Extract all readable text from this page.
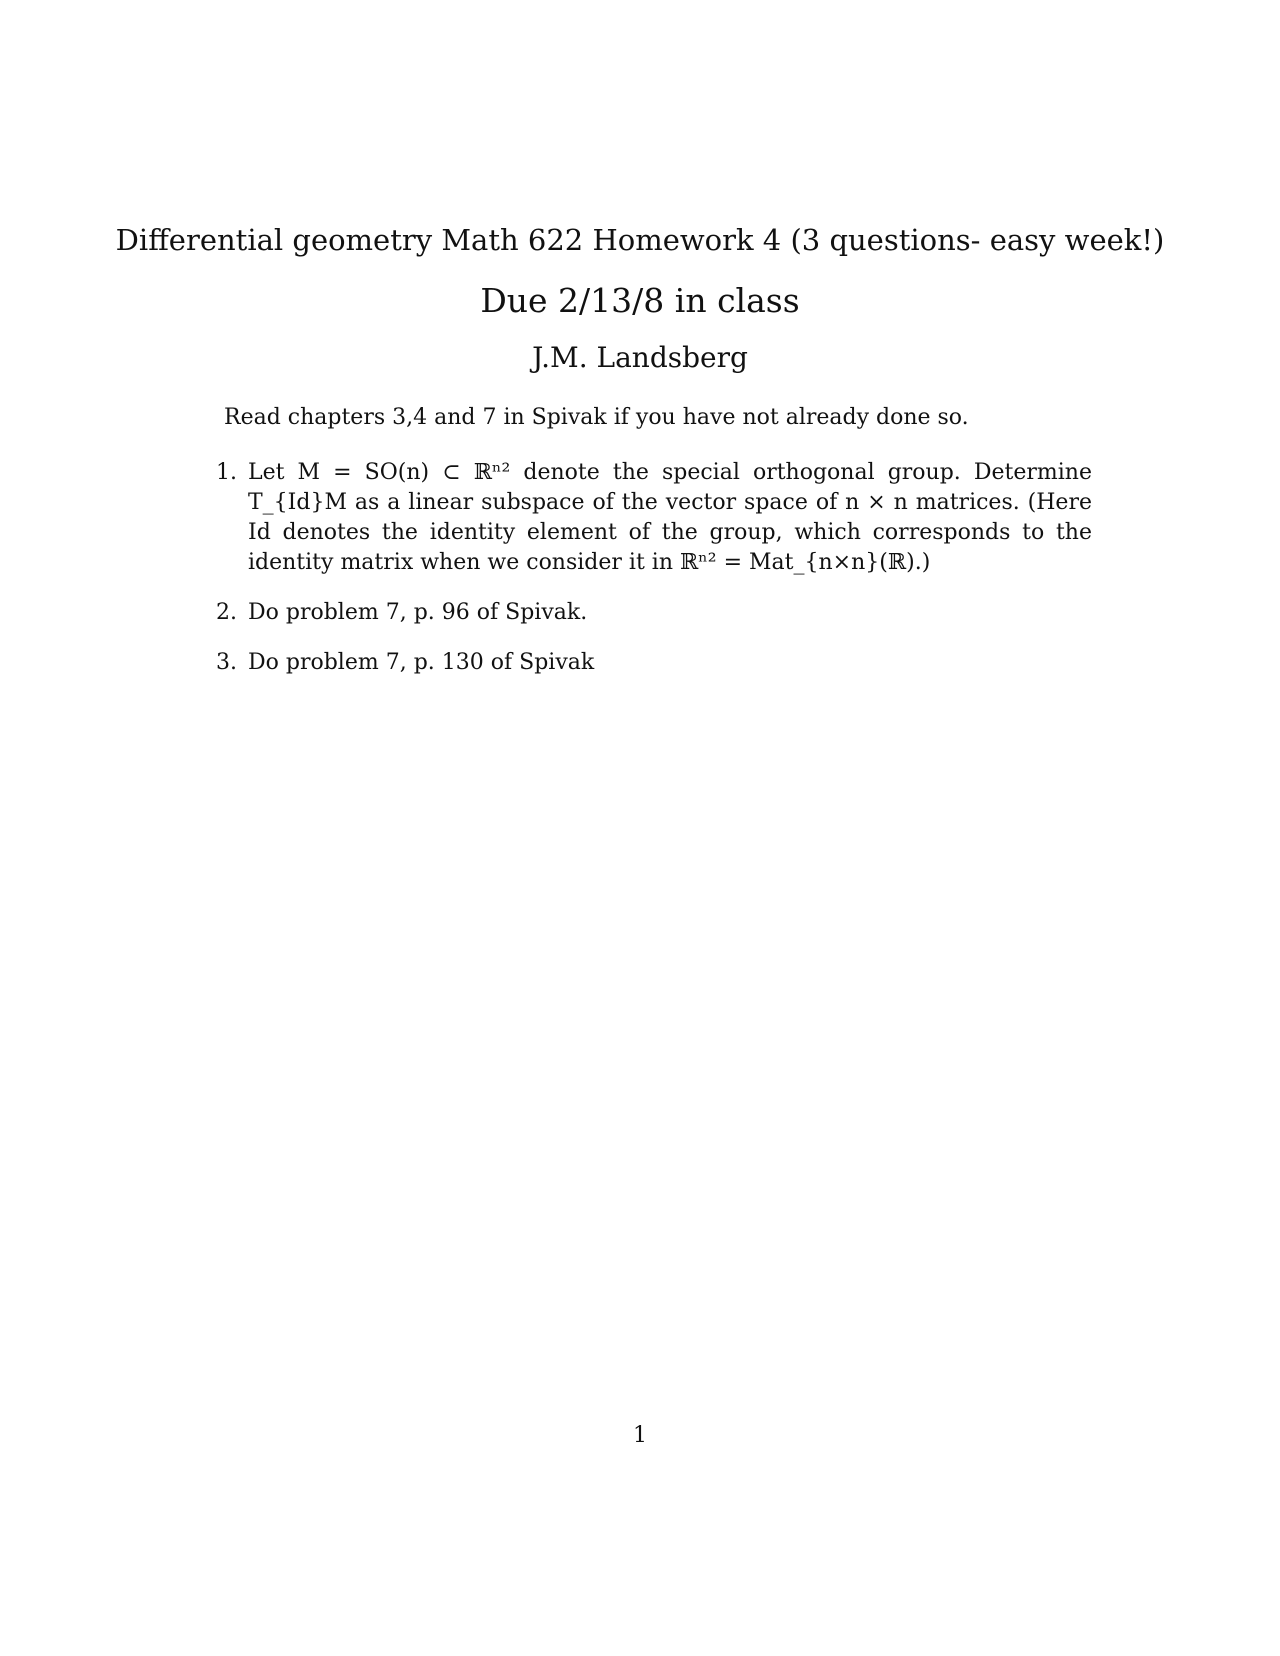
Differential geometry Math 622 Homework 4 (3 questions- easy week!)
Due 2/13/8 in class
J.M. Landsberg
Read chapters 3,4 and 7 in Spivak if you have not already done so.
1. Let M = SO(n) ⊂ ℝⁿ² denote the special orthogonal group. Determine T_{Id}M as a linear subspace of the vector space of n × n matrices. (Here Id denotes the identity element of the group, which corresponds to the identity matrix when we consider it in ℝⁿ² = Mat_{n×n}(ℝ).)
2. Do problem 7, p. 96 of Spivak.
3. Do problem 7, p. 130 of Spivak
1
